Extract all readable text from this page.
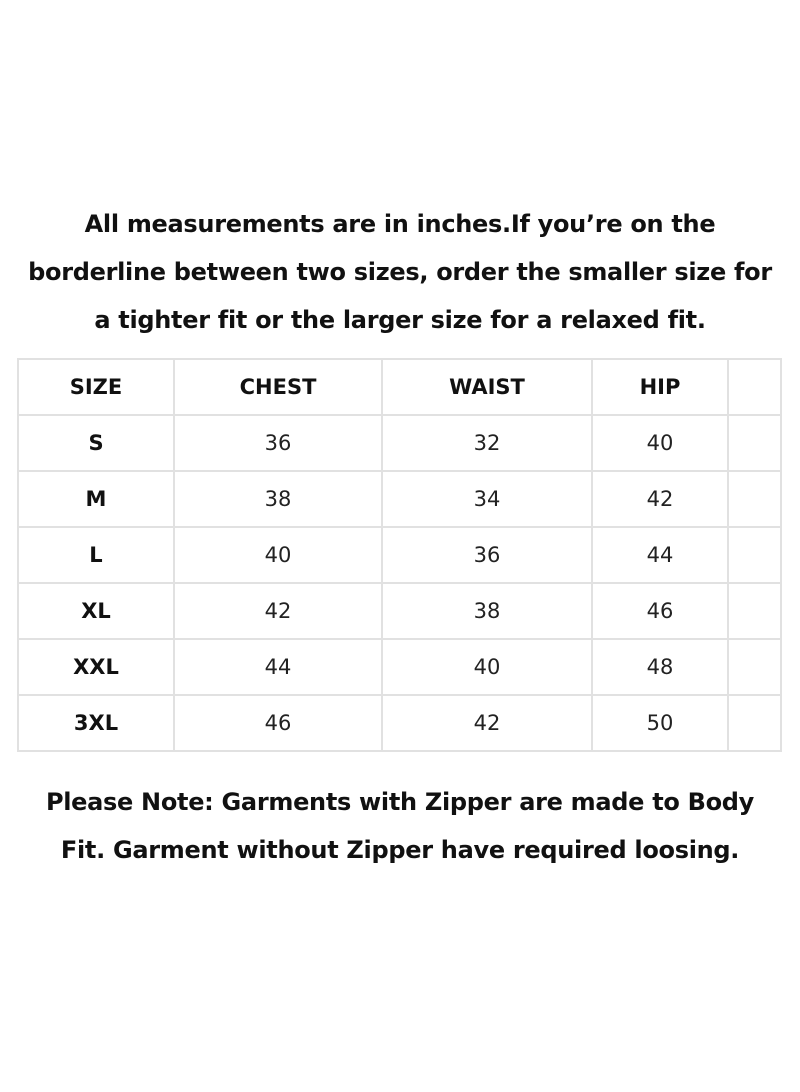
All measurements are in inches.If you’re on the
borderline between two sizes, order the smaller size for
a tighter fit or the larger size for a relaxed fit.
SIZE	CHEST	WAIST	HIP	
S	36	32	40	
M	38	34	42	
L	40	36	44	
XL	42	38	46	
XXL	44	40	48	
3XL	46	42	50	
Please Note: Garments with Zipper are made to Body
Fit. Garment without Zipper have required loosing.
